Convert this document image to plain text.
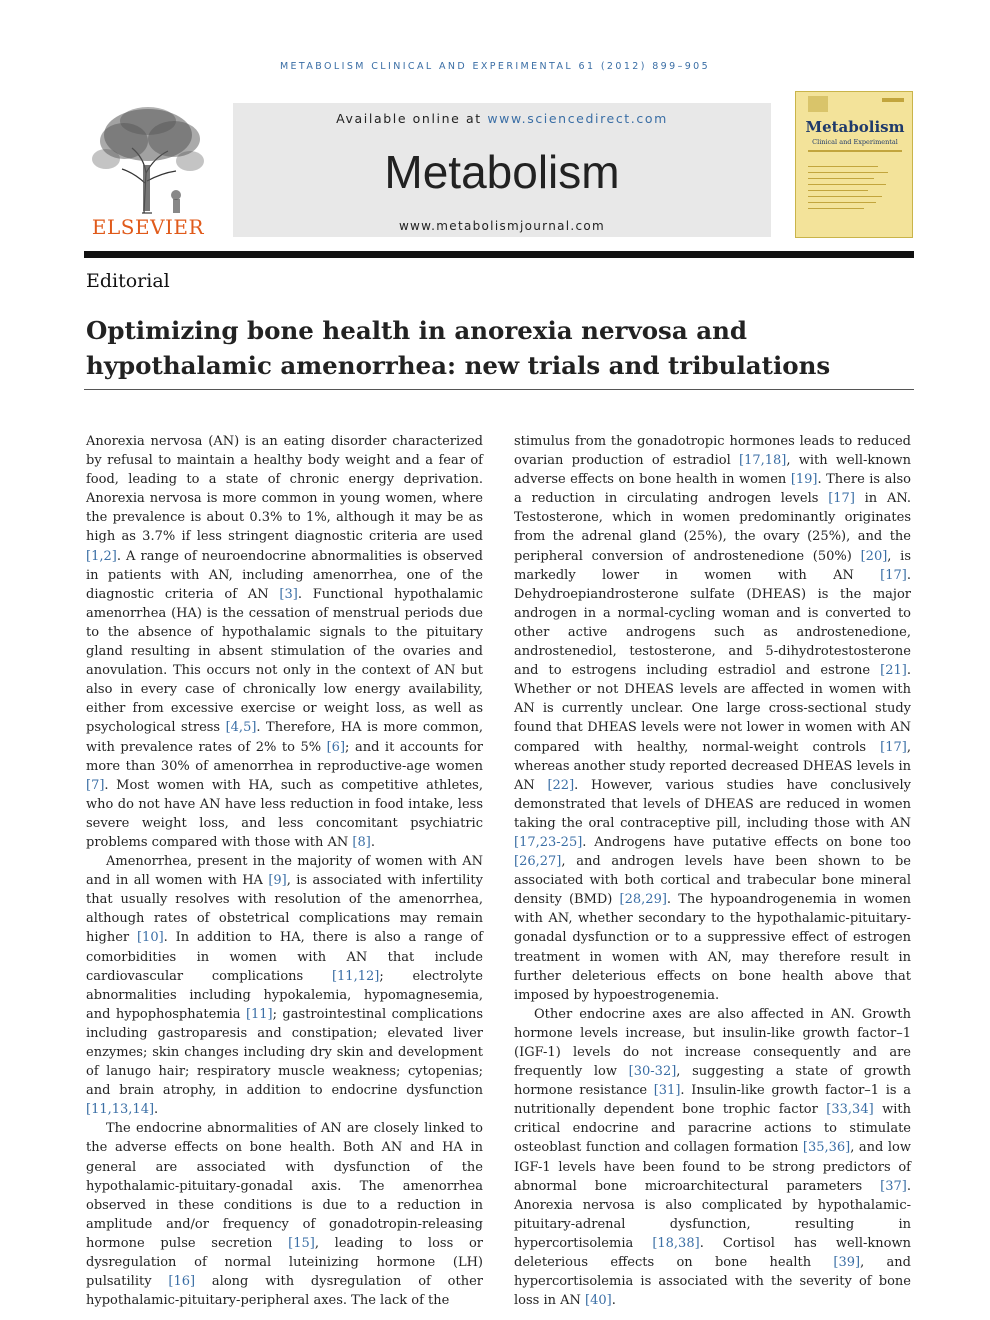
METABOLISM CLINICAL AND EXPERIMENTAL 61 (2012) 899–905
ELSEVIER
Available online at www.sciencedirect.com
Metabolism
www.metabolismjournal.com
Metabolism
Clinical and Experimental
Editorial
Optimizing bone health in anorexia nervosa and hypothalamic amenorrhea: new trials and tribulations

Anorexia nervosa (AN) is an eating disorder characterized by refusal to maintain a healthy body weight and a fear of food, leading to a state of chronic energy deprivation. Anorexia nervosa is more common in young women, where the prevalence is about 0.3% to 1%, although it may be as high as 3.7% if less stringent diagnostic criteria are used [1,2]. A range of neuroendocrine abnormalities is observed in patients with AN, including amenorrhea, one of the diagnostic criteria of AN [3]. Functional hypothalamic amenorrhea (HA) is the cessation of menstrual periods due to the absence of hypothalamic signals to the pituitary gland resulting in absent stimulation of the ovaries and anovulation. This occurs not only in the context of AN but also in every case of chronically low energy availability, either from excessive exercise or weight loss, as well as psychological stress [4,5]. Therefore, HA is more common, with prevalence rates of 2% to 5% [6]; and it accounts for more than 30% of amenorrhea in reproductive-age women [7]. Most women with HA, such as competitive athletes, who do not have AN have less reduction in food intake, less severe weight loss, and less concomitant psychiatric problems compared with those with AN [8].

Amenorrhea, present in the majority of women with AN and in all women with HA [9], is associated with infertility that usually resolves with resolution of the amenorrhea, although rates of obstetrical complications may remain higher [10]. In addition to HA, there is also a range of comorbidities in women with AN that include cardiovascular complications [11,12]; electrolyte abnormalities including hypokalemia, hypomagnesemia, and hypophosphatemia [11]; gastrointestinal complications including gastroparesis and constipation; elevated liver enzymes; skin changes including dry skin and development of lanugo hair; respiratory muscle weakness; cytopenias; and brain atrophy, in addition to endocrine dysfunction [11,13,14].

The endocrine abnormalities of AN are closely linked to the adverse effects on bone health. Both AN and HA in general are associated with dysfunction of the hypothalamic-pituitary-gonadal axis. The amenorrhea observed in these conditions is due to a reduction in amplitude and/or frequency of gonadotropin-releasing hormone pulse secretion [15], leading to loss or dysregulation of normal luteinizing hormone (LH) pulsatility [16] along with dysregulation of other hypothalamic-pituitary-peripheral axes. The lack of the

stimulus from the gonadotropic hormones leads to reduced ovarian production of estradiol [17,18], with well-known adverse effects on bone health in women [19]. There is also a reduction in circulating androgen levels [17] in AN. Testosterone, which in women predominantly originates from the adrenal gland (25%), the ovary (25%), and the peripheral conversion of androstenedione (50%) [20], is markedly lower in women with AN [17]. Dehydroepiandrosterone sulfate (DHEAS) is the major androgen in a normal-cycling woman and is converted to other active androgens such as androstenedione, androstenediol, testosterone, and 5-dihydrotestosterone and to estrogens including estradiol and estrone [21]. Whether or not DHEAS levels are affected in women with AN is currently unclear. One large cross-sectional study found that DHEAS levels were not lower in women with AN compared with healthy, normal-weight controls [17], whereas another study reported decreased DHEAS levels in AN [22]. However, various studies have conclusively demonstrated that levels of DHEAS are reduced in women taking the oral contraceptive pill, including those with AN [17,23-25]. Androgens have putative effects on bone too [26,27], and androgen levels have been shown to be associated with both cortical and trabecular bone mineral density (BMD) [28,29]. The hypoandrogenemia in women with AN, whether secondary to the hypothalamic-pituitary-gonadal dysfunction or to a suppressive effect of estrogen treatment in women with AN, may therefore result in further deleterious effects on bone health above that imposed by hypoestrogenemia.

Other endocrine axes are also affected in AN. Growth hormone levels increase, but insulin-like growth factor–1 (IGF-1) levels do not increase consequently and are frequently low [30-32], suggesting a state of growth hormone resistance [31]. Insulin-like growth factor–1 is a nutritionally dependent bone trophic factor [33,34] with critical endocrine and paracrine actions to stimulate osteoblast function and collagen formation [35,36], and low IGF-1 levels have been found to be strong predictors of abnormal bone microarchitectural parameters [37]. Anorexia nervosa is also complicated by hypothalamic-pituitary-adrenal dysfunction, resulting in hypercortisolemia [18,38]. Cortisol has well-known deleterious effects on bone health [39], and hypercortisolemia is associated with the severity of bone loss in AN [40].
